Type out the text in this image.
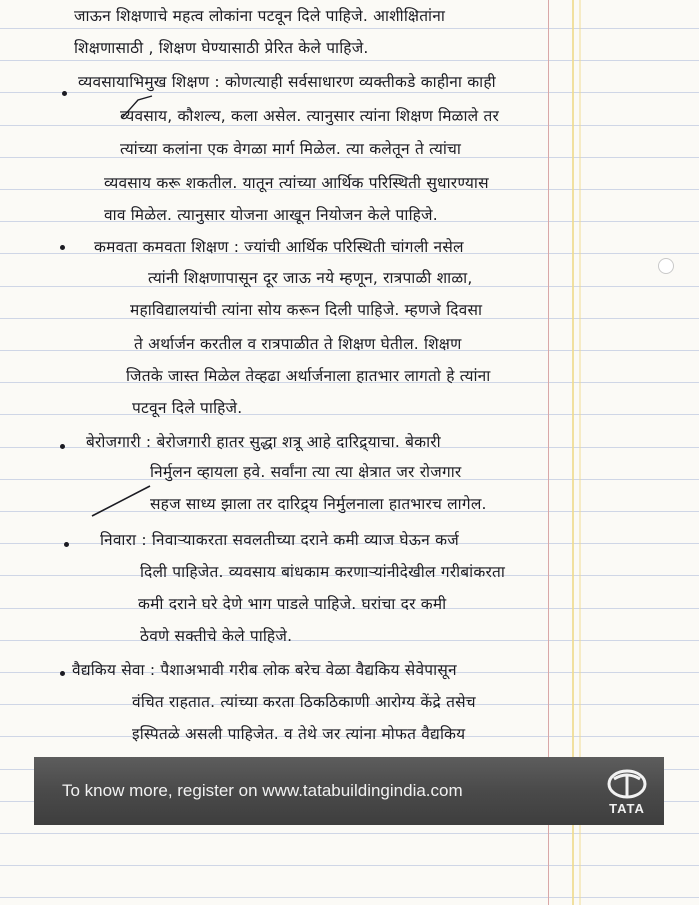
जाऊन शिक्षणाचे महत्व लोकांना पटवून दिले पाहिजे. आशीक्षितांना
शिक्षणासाठी , शिक्षण घेण्यासाठी प्रेरित केले पाहिजे.
व्यवसायाभिमुख शिक्षण : कोणत्याही सर्वसाधारण व्यक्तीकडे काहीना काही
व्यवसाय, कौशल्य, कला असेल. त्यानुसार त्यांना शिक्षण मिळाले तर
त्यांच्या कलांना एक वेगळा मार्ग मिळेल. त्या कलेतून ते त्यांचा
व्यवसाय करू शकतील. यातून त्यांच्या आर्थिक परिस्थिती सुधारण्यास
वाव मिळेल. त्यानुसार योजना आखून नियोजन केले पाहिजे.
कमवता कमवता शिक्षण : ज्यांची आर्थिक परिस्थिती चांगली नसेल
त्यांनी शिक्षणापासून दूर जाऊ नये म्हणून, रात्रपाळी शाळा,
महाविद्यालयांची त्यांना सोय करून दिली पाहिजे. म्हणजे दिवसा
ते अर्थार्जन करतील व रात्रपाळीत ते शिक्षण घेतील. शिक्षण
जितके जास्त मिळेल तेव्हढा अर्थार्जनाला हातभार लागतो हे त्यांना
पटवून दिले पाहिजे.
बेरोजगारी : बेरोजगारी हातर सुद्धा शत्रू आहे दारिद्र्याचा. बेकारी
निर्मुलन व्हायला हवे. सर्वांना त्या त्या क्षेत्रात जर रोजगार
सहज साध्य झाला तर दारिद्र्य निर्मुलनाला हातभारच लागेल.
निवारा : निवाऱ्याकरता सवलतीच्या दराने कमी व्याज घेऊन कर्ज
दिली पाहिजेत. व्यवसाय बांधकाम करणाऱ्यांनीदेखील गरीबांकरता
कमी दराने घरे देणे भाग पाडले पाहिजे. घरांचा दर कमी
ठेवणे सक्तीचे केले पाहिजे.
वैद्यकिय सेवा : पैशाअभावी गरीब लोक बरेच वेळा वैद्यकिय सेवेपासून
वंचित राहतात. त्यांच्या करता ठिकठिकाणी आरोग्य केंद्रे तसेच
इस्पितळे असली पाहिजेत. व तेथे जर त्यांना मोफत वैद्यकिय
To know more, register on www.tatabuildingindia.com
TATA
